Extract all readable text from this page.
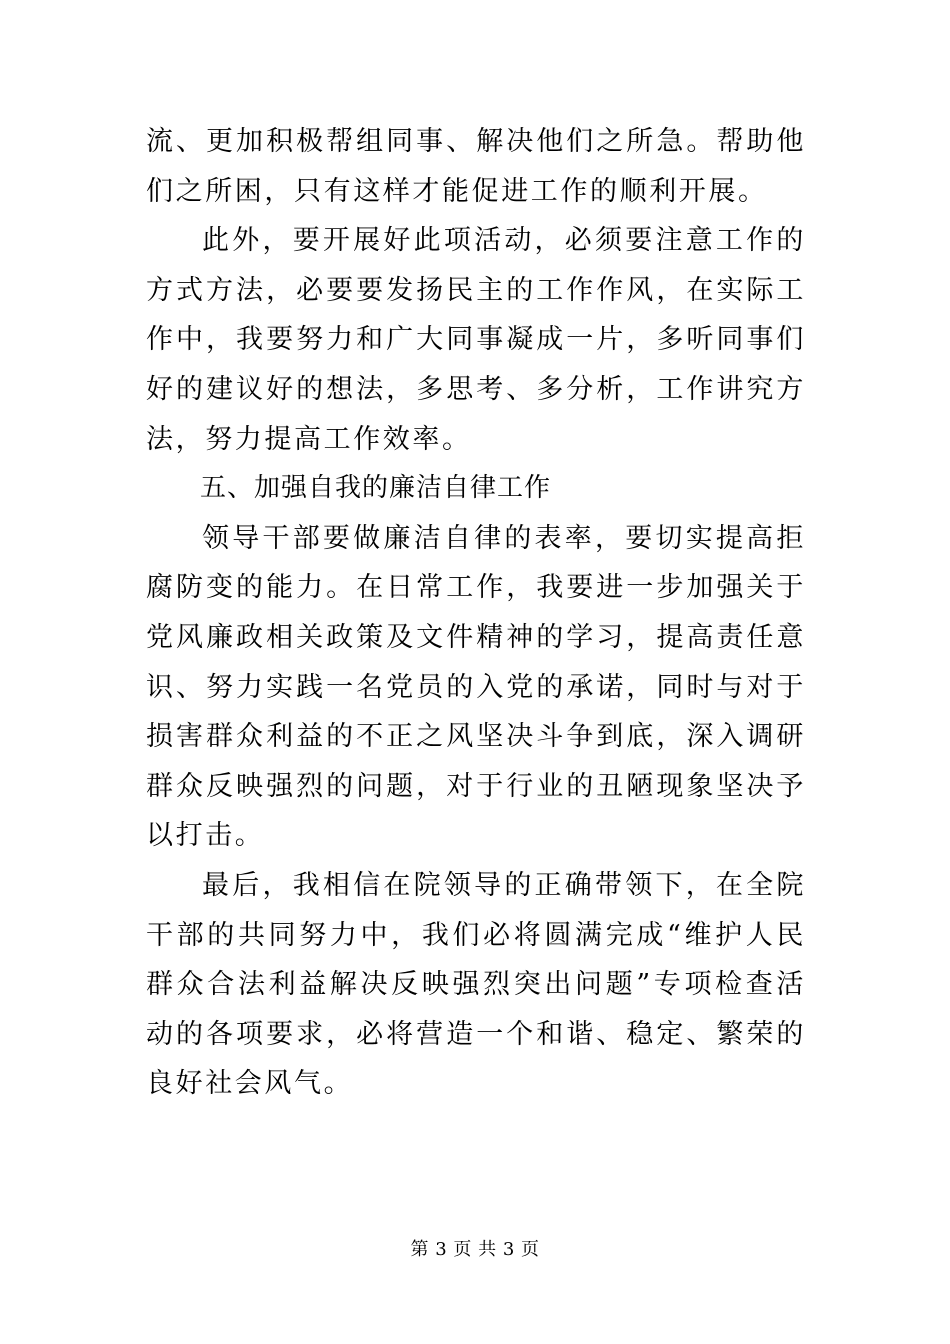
流、更加积极帮组同事、解决他们之所急。帮助他们之所困，只有这样才能促进工作的顺利开展。

此外，要开展好此项活动，必须要注意工作的方式方法，必要要发扬民主的工作作风，在实际工作中，我要努力和广大同事凝成一片，多听同事们好的建议好的想法，多思考、多分析，工作讲究方法，努力提高工作效率。

五、加强自我的廉洁自律工作

领导干部要做廉洁自律的表率，要切实提高拒腐防变的能力。在日常工作，我要进一步加强关于党风廉政相关政策及文件精神的学习，提高责任意识、努力实践一名党员的入党的承诺，同时与对于损害群众利益的不正之风坚决斗争到底，深入调研群众反映强烈的问题，对于行业的丑陋现象坚决予以打击。

最后，我相信在院领导的正确带领下，在全院干部的共同努力中，我们必将圆满完成“维护人民群众合法利益解决反映强烈突出问题”专项检查活动的各项要求，必将营造一个和谐、稳定、繁荣的良好社会风气。

第 3 页 共 3 页
